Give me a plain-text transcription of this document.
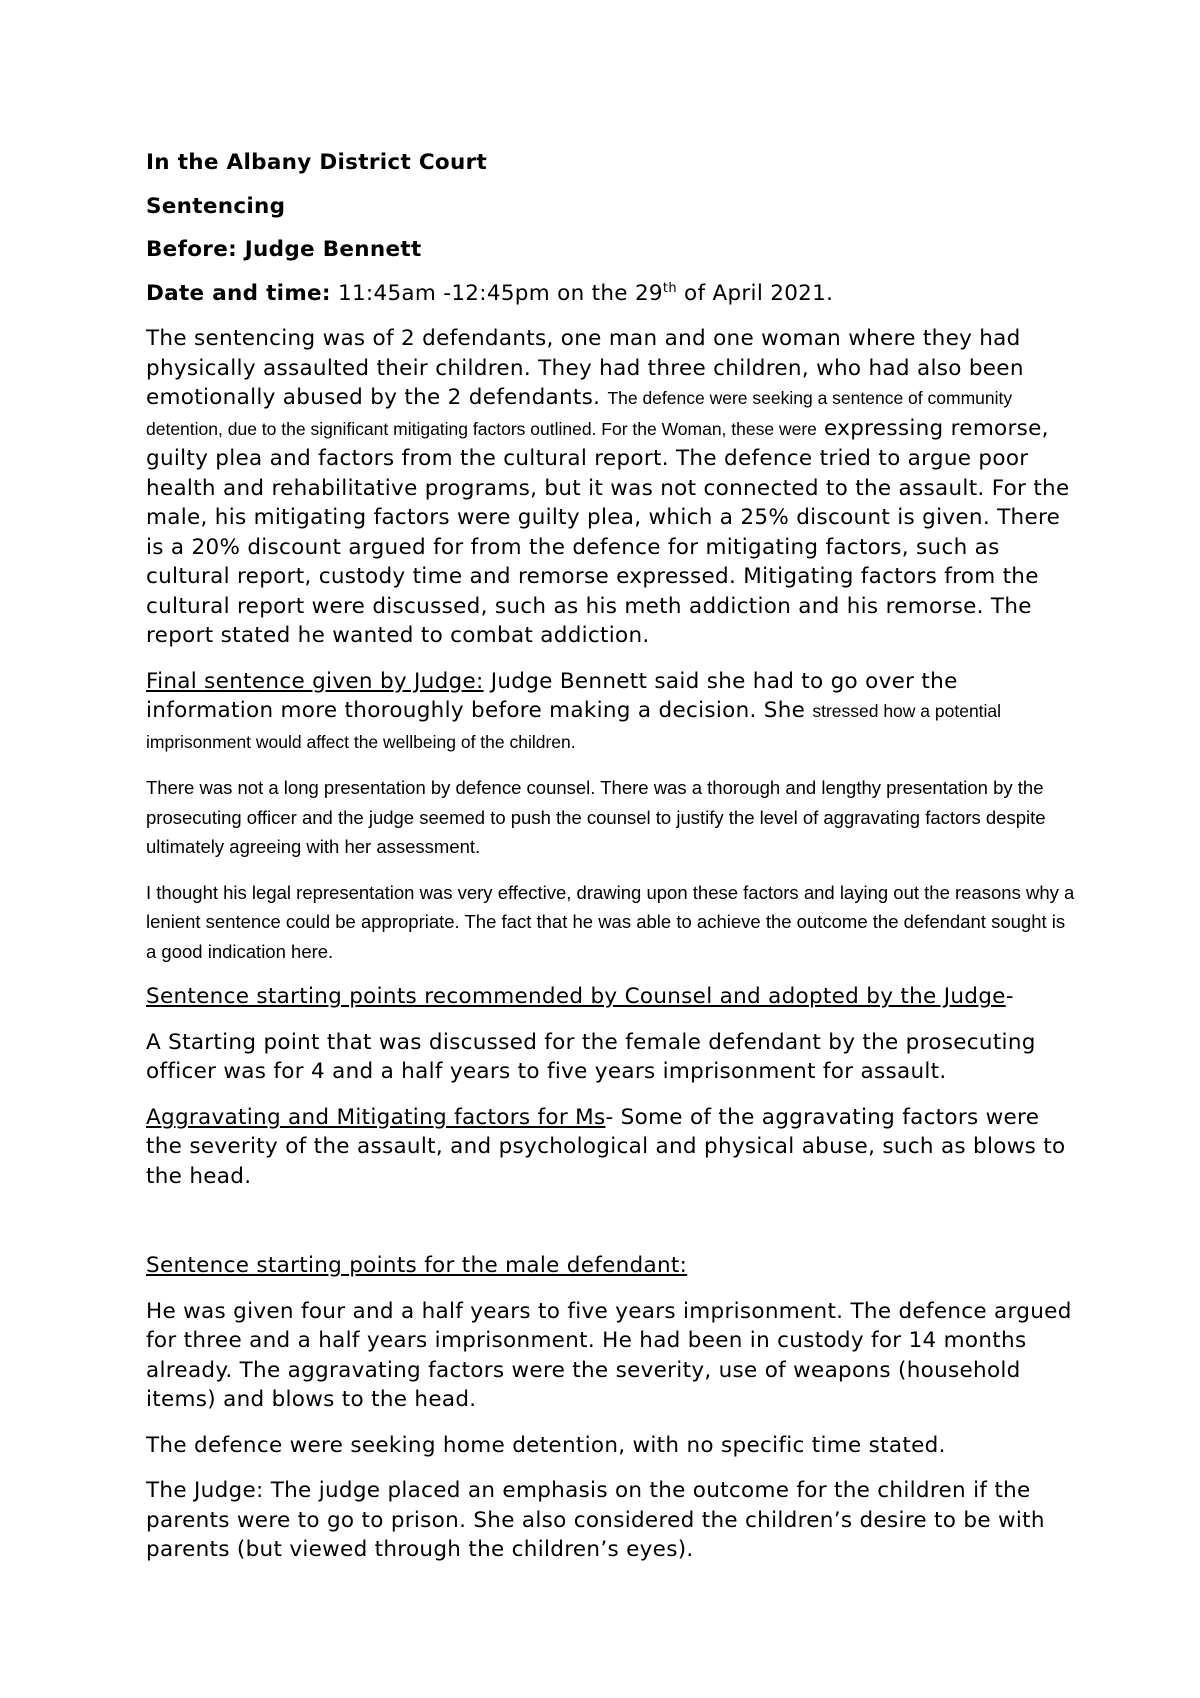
In the Albany District Court

Sentencing

Before: Judge Bennett

Date and time: 11:45am -12:45pm on the 29th of April 2021.

The sentencing was of 2 defendants, one man and one woman where they had physically assaulted their children. They had three children, who had also been emotionally abused by the 2 defendants. The defence were seeking a sentence of community detention, due to the significant mitigating factors outlined. For the Woman, these were expressing remorse, guilty plea and factors from the cultural report. The defence tried to argue poor health and rehabilitative programs, but it was not connected to the assault. For the male, his mitigating factors were guilty plea, which a 25% discount is given. There is a 20% discount argued for from the defence for mitigating factors, such as cultural report, custody time and remorse expressed. Mitigating factors from the cultural report were discussed, such as his meth addiction and his remorse. The report stated he wanted to combat addiction.

Final sentence given by Judge: Judge Bennett said she had to go over the information more thoroughly before making a decision. She stressed how a potential imprisonment would affect the wellbeing of the children.

There was not a long presentation by defence counsel. There was a thorough and lengthy presentation by the prosecuting officer and the judge seemed to push the counsel to justify the level of aggravating factors despite ultimately agreeing with her assessment.

I thought his legal representation was very effective, drawing upon these factors and laying out the reasons why a lenient sentence could be appropriate. The fact that he was able to achieve the outcome the defendant sought is a good indication here.

Sentence starting points recommended by Counsel and adopted by the Judge-

A Starting point that was discussed for the female defendant by the prosecuting officer was for 4 and a half years to five years imprisonment for assault.

Aggravating and Mitigating factors for Ms- Some of the aggravating factors were the severity of the assault, and psychological and physical abuse, such as blows to the head.

Sentence starting points for the male defendant:

He was given four and a half years to five years imprisonment. The defence argued for three and a half years imprisonment. He had been in custody for 14 months already. The aggravating factors were the severity, use of weapons (household items) and blows to the head.

The defence were seeking home detention, with no specific time stated.

The Judge: The judge placed an emphasis on the outcome for the children if the parents were to go to prison. She also considered the children’s desire to be with parents (but viewed through the children’s eyes).
